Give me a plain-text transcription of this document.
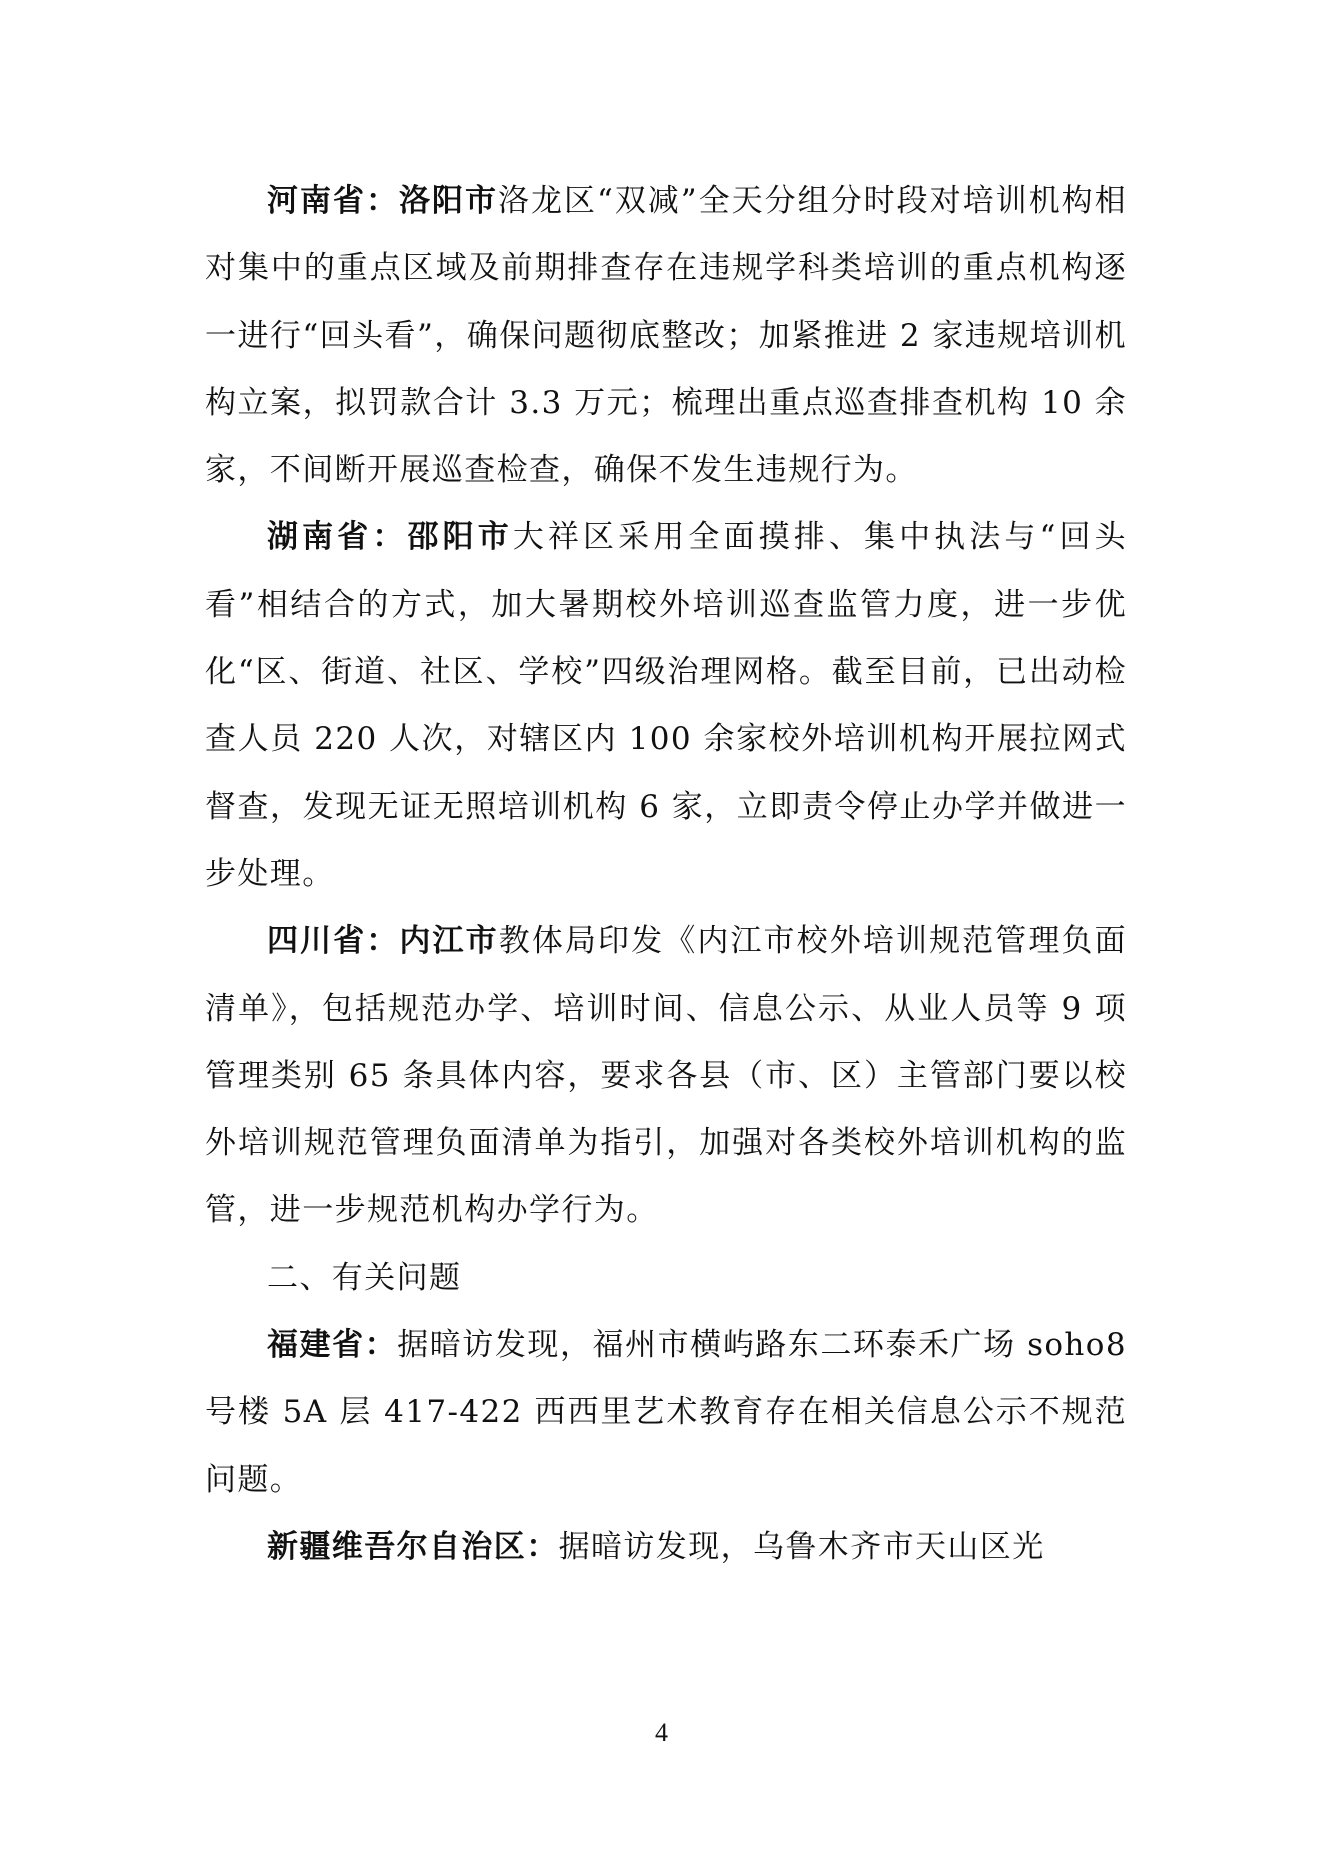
河南省：洛阳市洛龙区“双减”全天分组分时段对培训机构相对集中的重点区域及前期排查存在违规学科类培训的重点机构逐一进行“回头看”，确保问题彻底整改；加紧推进 2 家违规培训机构立案，拟罚款合计 3.3 万元；梳理出重点巡查排查机构 10 余家，不间断开展巡查检查，确保不发生违规行为。

湖南省：邵阳市大祥区采用全面摸排、集中执法与“回头看”相结合的方式，加大暑期校外培训巡查监管力度，进一步优化“区、街道、社区、学校”四级治理网格。截至目前，已出动检查人员 220 人次，对辖区内 100 余家校外培训机构开展拉网式督查，发现无证无照培训机构 6 家，立即责令停止办学并做进一步处理。

四川省：内江市教体局印发《内江市校外培训规范管理负面清单》，包括规范办学、培训时间、信息公示、从业人员等 9 项管理类别 65 条具体内容，要求各县（市、区）主管部门要以校外培训规范管理负面清单为指引，加强对各类校外培训机构的监管，进一步规范机构办学行为。

二、有关问题

福建省：据暗访发现，福州市横屿路东二环泰禾广场 soho8 号楼 5A 层 417-422 西西里艺术教育存在相关信息公示不规范问题。

新疆维吾尔自治区：据暗访发现，乌鲁木齐市天山区光

4
